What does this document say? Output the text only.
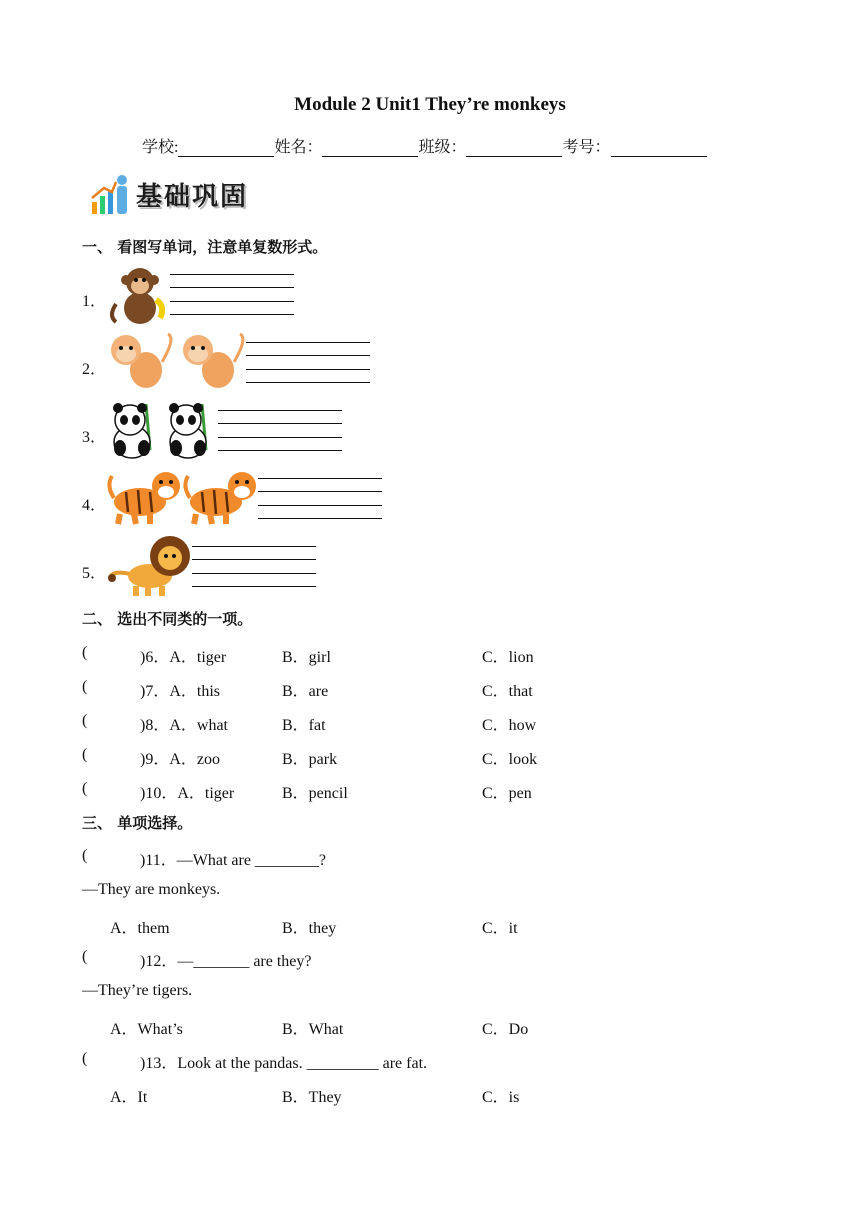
Module 2 Unit1 They’re monkeys
学校:	姓名：	班级：	考号：
基础巩固
一、 看图写单词，注意单复数形式。
1．
2．
3．
4．
5．
二、 选出不同类的一项。
(	)6．A．tiger	B．girl	C．lion
(	)7．A．this	B．are	C．that
(	)8．A．what	B．fat	C．how
(	)9．A．zoo	B．park	C．look
(	)10．A．tiger	B．pencil	C．pen
三、 单项选择。
(	)11．—What are ________?
—They are monkeys.
A．them	B．they	C．it
(	)12．—_______ are they?
—They’re tigers.
A．What’s	B．What	C．Do
(	)13．Look at the pandas. _________ are fat.
A．It	B．They	C．is
